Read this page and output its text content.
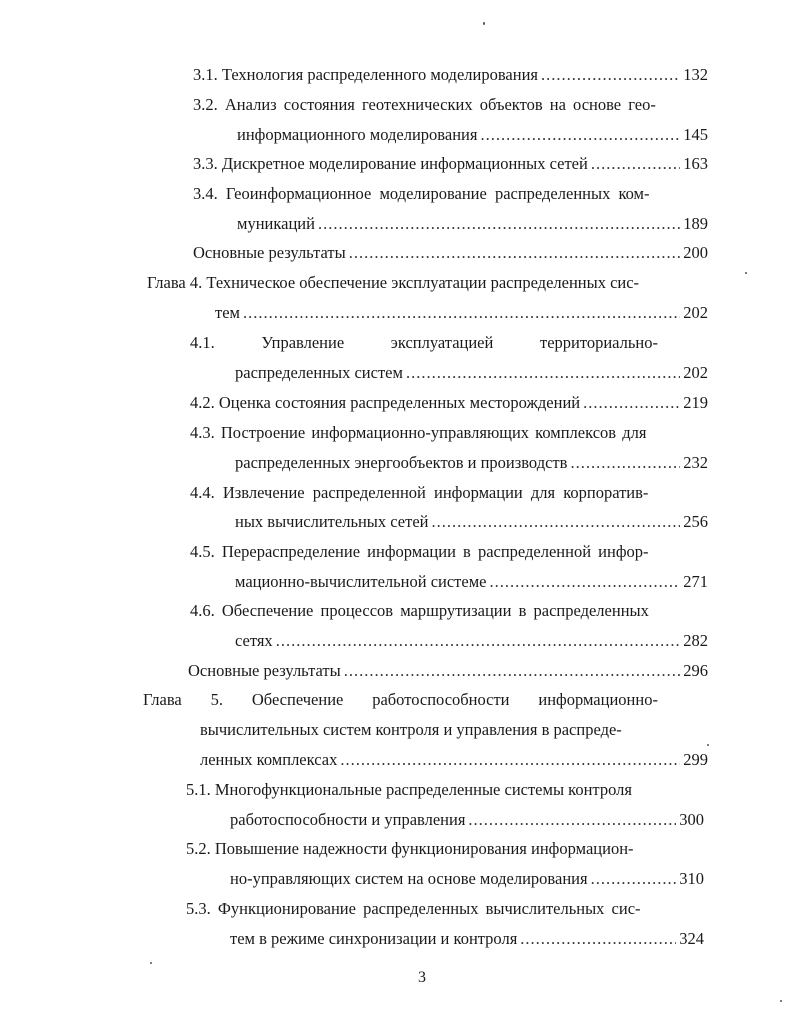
3.1.
Технология распределенного моделирования .....	132
3.2. Анализ состояния геотехнических объектов на основе гео-
информационного моделирования .....	145
3.3. Дискретное моделирование информационных сетей .....	163
3.4. Геоинформационное моделирование распределенных ком-
муникаций .....	189
Основные результаты .....	200
Глава 4. Техническое обеспечение эксплуатации распределенных сис-
тем .....	202
4.1.	Управление	эксплуатацией	территориально-
распределенных систем .....	202
4.2. Оценка состояния распределенных месторождений .....	219
4.3. Построение информационно-управляющих комплексов для
распределенных энергообъектов и производств .....	232
4.4. Извлечение распределенной информации для корпоратив-
ных вычислительных сетей .....	256
4.5. Перераспределение информации в распределенной инфор-
мационно-вычислительной системе .....	271
4.6. Обеспечение процессов маршрутизации в распределенных
сетях .....	282
Основные результаты .....	296
Глава 5. Обеспечение работоспособности информационно-
вычислительных систем контроля и управления в распреде-
ленных комплексах .....	299
5.1. Многофункциональные распределенные системы контроля
работоспособности и управления .....	300
5.2. Повышение надежности функционирования информацион-
но-управляющих систем на основе моделирования .....	310
5.3. Функционирование распределенных вычислительных сис-
тем в режиме синхронизации и контроля .....	324
3
